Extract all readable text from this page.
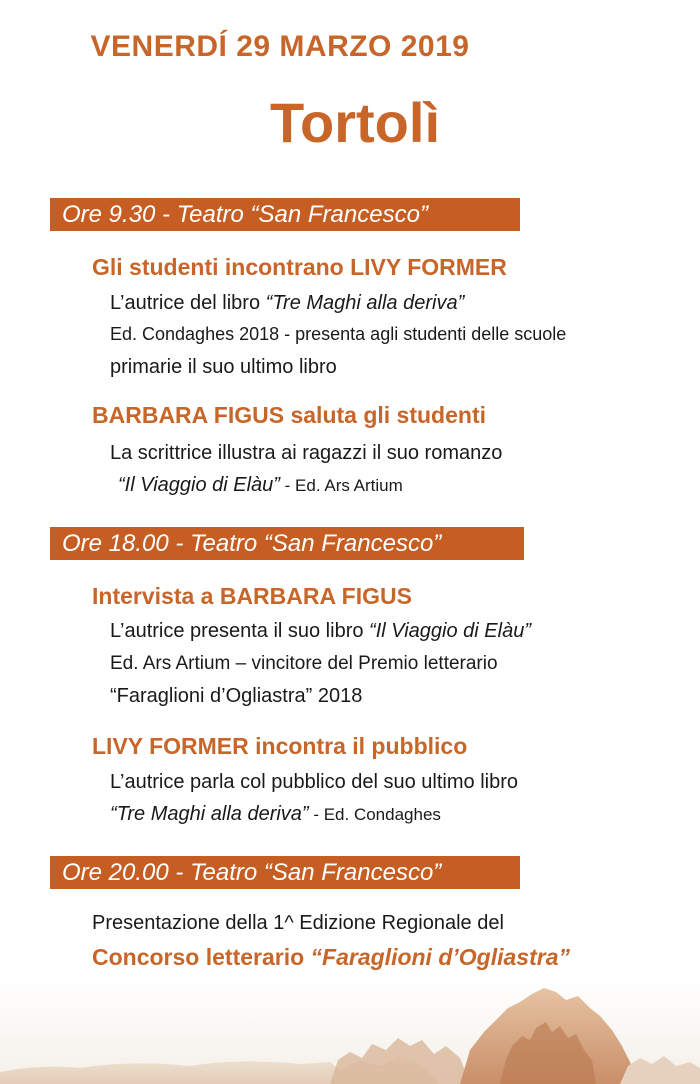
VENERDÍ 29 MARZO 2019
Tortolì
Ore 9.30 - Teatro “San Francesco”
Gli studenti incontrano LIVY FORMER
L’autrice del libro “Tre Maghi alla deriva”
Ed. Condaghes 2018 - presenta agli studenti delle scuole
primarie il suo ultimo libro
BARBARA FIGUS saluta gli studenti
La scrittrice illustra ai ragazzi il suo romanzo
“Il Viaggio di Elàu” - Ed. Ars Artium
Ore 18.00 - Teatro “San Francesco”
Intervista a BARBARA FIGUS
L’autrice presenta il suo libro “Il Viaggio di Elàu”
Ed. Ars Artium – vincitore del Premio letterario
“Faraglioni d’Ogliastra” 2018
LIVY FORMER incontra il pubblico
L’autrice parla col pubblico del suo ultimo libro
“Tre Maghi alla deriva” - Ed. Condaghes
Ore 20.00 - Teatro “San Francesco”
Presentazione della 1^ Edizione Regionale del
Concorso letterario “Faraglioni d’Ogliastra”
